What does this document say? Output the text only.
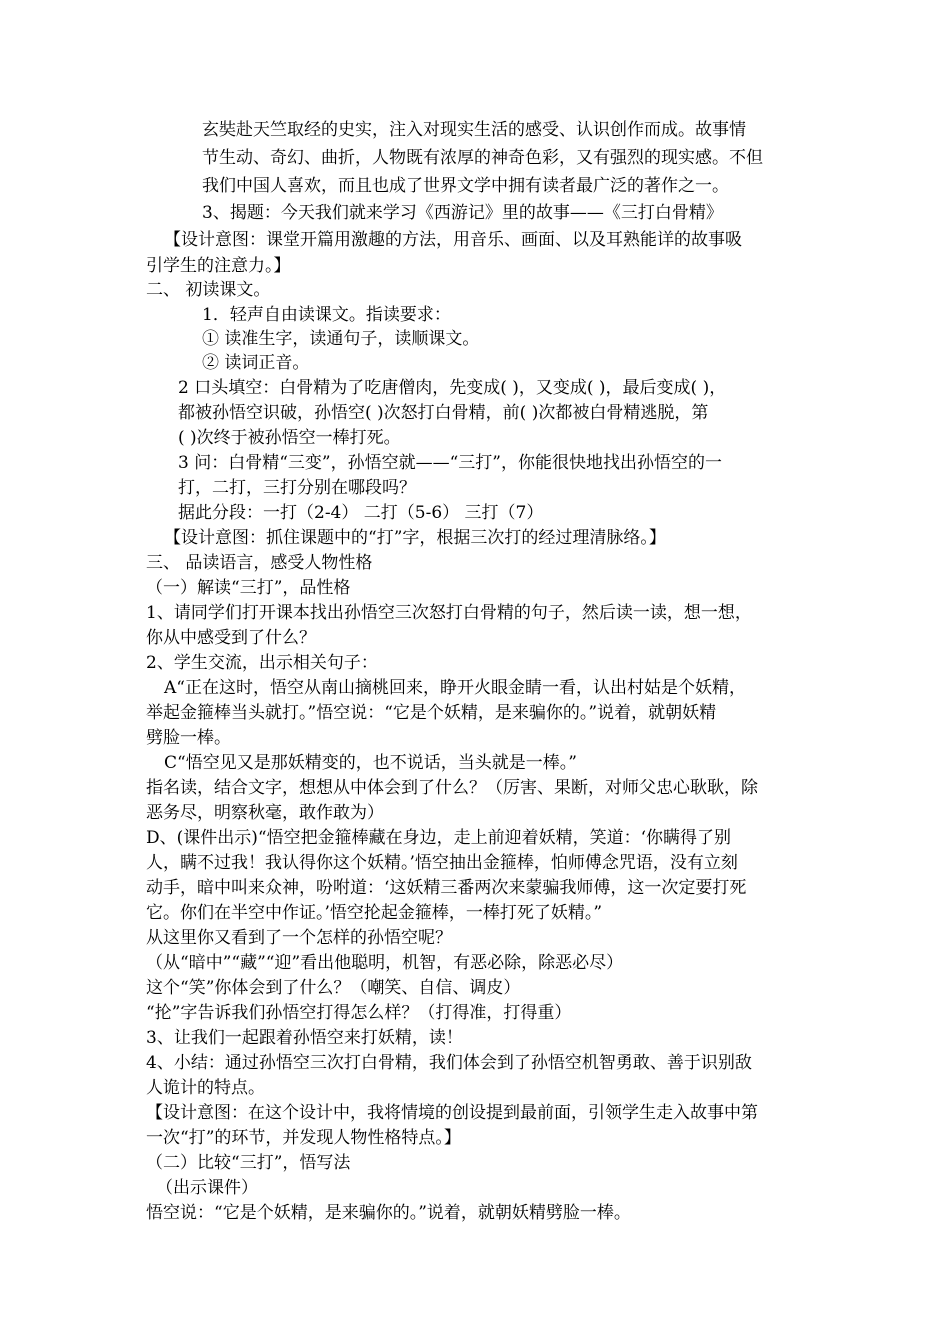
玄奘赴天竺取经的史实，注入对现实生活的感受、认识创作而成。故事情
节生动、奇幻、曲折，人物既有浓厚的神奇色彩，又有强烈的现实感。不但
我们中国人喜欢，而且也成了世界文学中拥有读者最广泛的著作之一。
3、揭题：今天我们就来学习《西游记》里的故事——《三打白骨精》
【设计意图：课堂开篇用激趣的方法，用音乐、画面、以及耳熟能详的故事吸
引学生的注意力。】
二、 初读课文。
1．轻声自由读课文。指读要求：
① 读准生字，读通句子，读顺课文。
② 读词正音。
2 口头填空：白骨精为了吃唐僧肉，先变成( )，又变成( )，最后变成( )，
都被孙悟空识破，孙悟空( )次怒打白骨精，前( )次都被白骨精逃脱，第
( )次终于被孙悟空一棒打死。
3 问：白骨精“三变”，孙悟空就——“三打”，你能很快地找出孙悟空的一
打，二打，三打分别在哪段吗？
据此分段：一打（2-4） 二打（5-6） 三打（7）
【设计意图：抓住课题中的“打”字，根据三次打的经过理清脉络。】
三、 品读语言，感受人物性格
（一）解读“三打”，品性格
1、请同学们打开课本找出孙悟空三次怒打白骨精的句子，然后读一读，想一想，
你从中感受到了什么？
2、学生交流，出示相关句子：
A“正在这时，悟空从南山摘桃回来，睁开火眼金睛一看，认出村姑是个妖精，
举起金箍棒当头就打。”悟空说：“它是个妖精，是来骗你的。”说着，就朝妖精
劈脸一棒。
C“悟空见又是那妖精变的，也不说话，当头就是一棒。”
指名读，结合文字，想想从中体会到了什么？（厉害、果断，对师父忠心耿耿，除
恶务尽，明察秋毫，敢作敢为）
D、(课件出示)“悟空把金箍棒藏在身边，走上前迎着妖精，笑道：‘你瞒得了别
人，瞒不过我！我认得你这个妖精。’悟空抽出金箍棒，怕师傅念咒语，没有立刻
动手，暗中叫来众神，吩咐道：‘这妖精三番两次来蒙骗我师傅，这一次定要打死
它。你们在半空中作证。’悟空抡起金箍棒，一棒打死了妖精。”
从这里你又看到了一个怎样的孙悟空呢？
（从“暗中”“藏”“迎”看出他聪明，机智，有恶必除，除恶必尽）
这个“笑”你体会到了什么？（嘲笑、自信、调皮）
“抡”字告诉我们孙悟空打得怎么样？（打得准，打得重）
3、让我们一起跟着孙悟空来打妖精，读！
4、小结：通过孙悟空三次打白骨精，我们体会到了孙悟空机智勇敢、善于识别敌
人诡计的特点。
【设计意图：在这个设计中，我将情境的创设提到最前面，引领学生走入故事中第
一次“打”的环节，并发现人物性格特点。】
（二）比较“三打”，悟写法
（出示课件）
悟空说：“它是个妖精，是来骗你的。”说着，就朝妖精劈脸一棒。
